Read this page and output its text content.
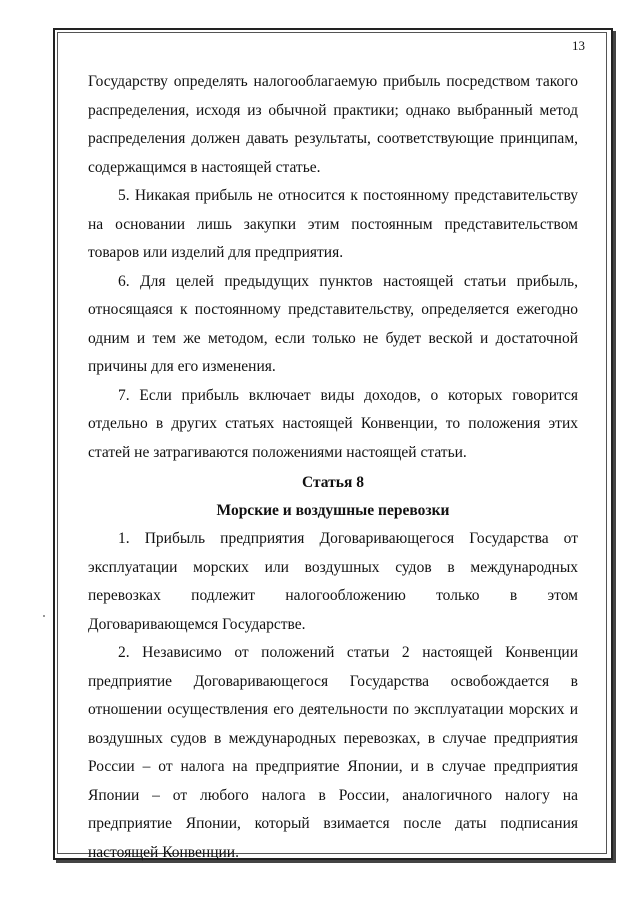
13

Государству определять налогооблагаемую прибыль посредством такого распределения, исходя из обычной практики; однако выбранный метод распределения должен давать результаты, соответствующие принципам, содержащимся в настоящей статье.

5. Никакая прибыль не относится к постоянному представительству на основании лишь закупки этим постоянным представительством товаров или изделий для предприятия.

6. Для целей предыдущих пунктов настоящей статьи прибыль, относящаяся к постоянному представительству, определяется ежегодно одним и тем же методом, если только не будет веской и достаточной причины для его изменения.

7. Если прибыль включает виды доходов, о которых говорится отдельно в других статьях настоящей Конвенции, то положения этих статей не затрагиваются положениями настоящей статьи.

Статья 8

Морские и воздушные перевозки

1. Прибыль предприятия Договаривающегося Государства от эксплуатации морских или воздушных судов в международных перевозках подлежит налогообложению только в этом Договаривающемся Государстве.

2. Независимо от положений статьи 2 настоящей Конвенции предприятие Договаривающегося Государства освобождается в отношении осуществления его деятельности по эксплуатации морских и воздушных судов в международных перевозках, в случае предприятия России – от налога на предприятие Японии, и в случае предприятия Японии – от любого налога в России, аналогичного налогу на предприятие Японии, который взимается после даты подписания настоящей Конвенции.
